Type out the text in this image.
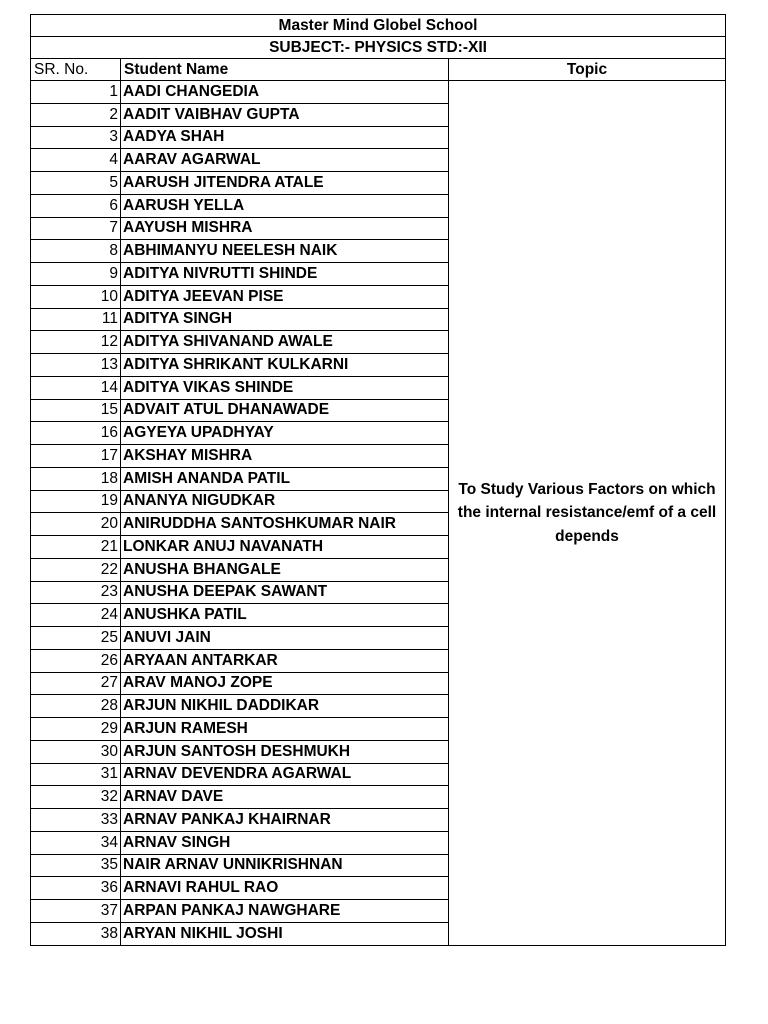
Master Mind Globel School		
SUBJECT:- PHYSICS STD:-XII		
SR. No.	Student Name	Topic
1	AADI CHANGEDIA	To Study Various Factors on which the internal resistance/emf of a cell depends
2	AADIT VAIBHAV GUPTA	
3	AADYA SHAH	
4	AARAV AGARWAL	
5	AARUSH JITENDRA ATALE	
6	AARUSH YELLA	
7	AAYUSH MISHRA	
8	ABHIMANYU NEELESH NAIK	
9	ADITYA NIVRUTTI SHINDE	
10	ADITYA JEEVAN PISE	
11	ADITYA SINGH	
12	ADITYA SHIVANAND AWALE	
13	ADITYA SHRIKANT KULKARNI	
14	ADITYA VIKAS SHINDE	
15	ADVAIT ATUL DHANAWADE	
16	AGYEYA UPADHYAY	
17	AKSHAY MISHRA	
18	AMISH ANANDA PATIL	
19	ANANYA NIGUDKAR	
20	ANIRUDDHA SANTOSHKUMAR NAIR	
21	LONKAR ANUJ NAVANATH	
22	ANUSHA BHANGALE	
23	ANUSHA DEEPAK SAWANT	
24	ANUSHKA PATIL	
25	ANUVI JAIN	
26	ARYAAN ANTARKAR	
27	ARAV MANOJ ZOPE	
28	ARJUN NIKHIL DADDIKAR	
29	ARJUN RAMESH	
30	ARJUN SANTOSH DESHMUKH	
31	ARNAV DEVENDRA AGARWAL	
32	ARNAV DAVE	
33	ARNAV PANKAJ KHAIRNAR	
34	ARNAV SINGH	
35	NAIR ARNAV UNNIKRISHNAN	
36	ARNAVI RAHUL RAO	
37	ARPAN PANKAJ NAWGHARE	
38	ARYAN NIKHIL JOSHI	
